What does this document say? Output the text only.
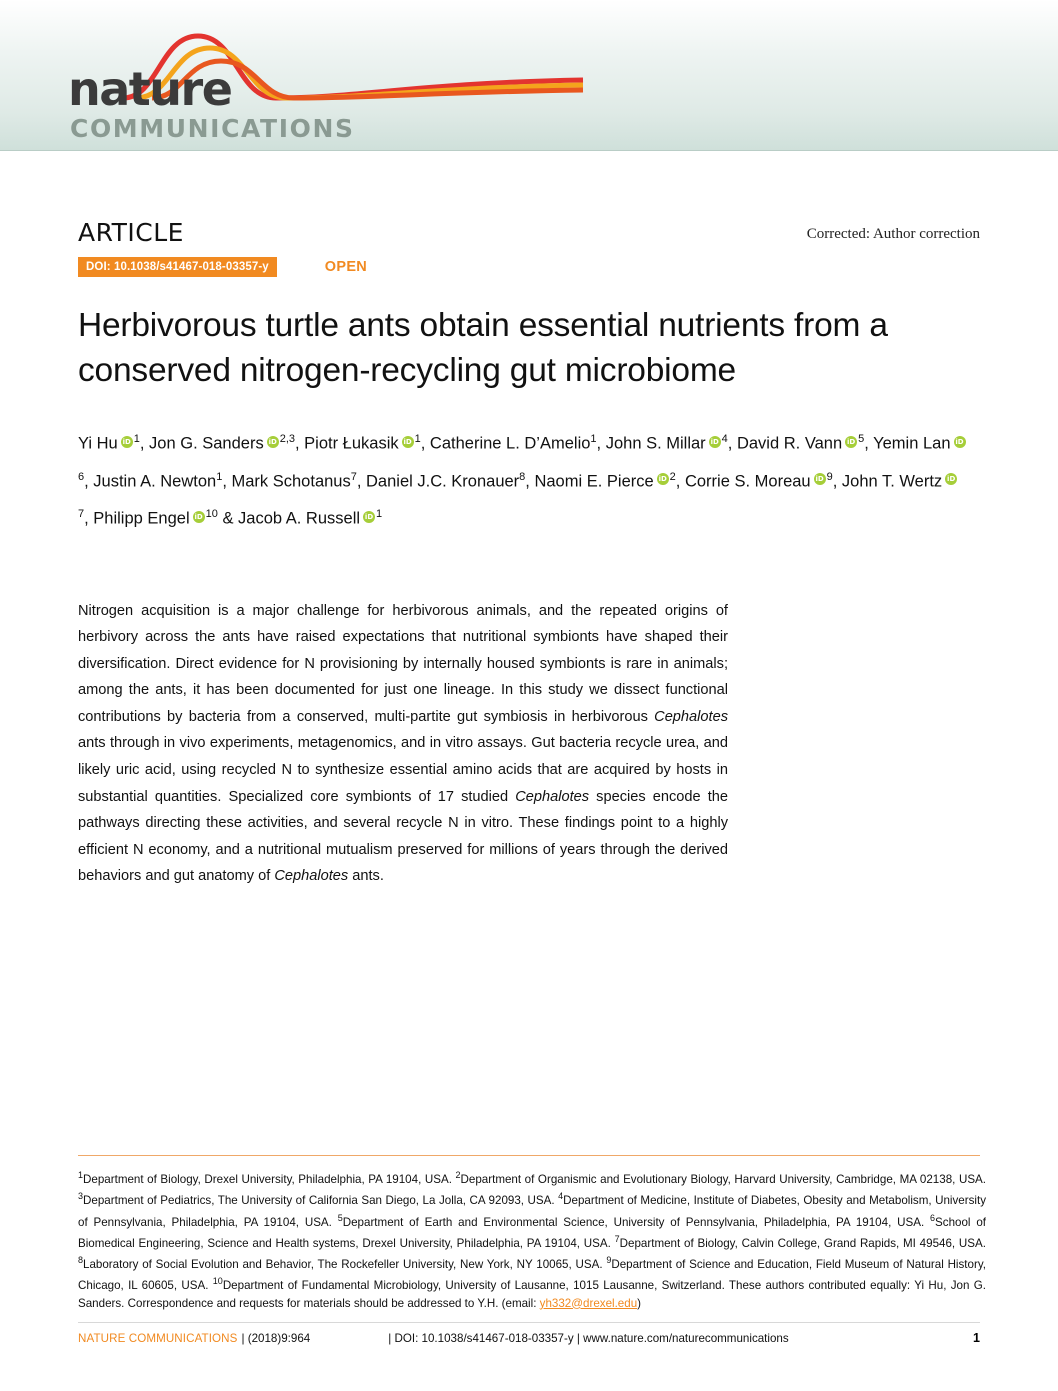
nature
COMMUNICATIONS
ARTICLE	Corrected: Author correction
DOI: 10.1038/s41467-018-03357-y	OPEN
Herbivorous turtle ants obtain essential nutrients from a conserved nitrogen-recycling gut microbiome
Yi Hu iD $^1$, Jon G. Sanders iD $^{2,3}$, Piotr Łukasik iD $^1$, Catherine L. D’Amelio$^1$, John S. Millar iD $^4$, David R. Vann iD $^5$, Yemin LaniD$^6$, Justin A. Newton$^1$, Mark Schotanus$^7$, Daniel J.C. Kronauer$^8$, Naomi E. Pierce iD $^2$, Corrie S. Moreau iD $^9$, John T. WertziD$^7$, Philipp Engel iD $^{10}$ & Jacob A. Russell iD $^1$
Nitrogen acquisition is a major challenge for herbivorous animals, and the repeated origins of herbivory across the ants have raised expectations that nutritional symbionts have shaped their diversification. Direct evidence for N provisioning by internally housed symbionts is rare in animals; among the ants, it has been documented for just one lineage. In this study we dissect functional contributions by bacteria from a conserved, multi-partite gut symbiosis in herbivorous Cephalotes ants through in vivo experiments, metagenomics, and in vitro assays. Gut bacteria recycle urea, and likely uric acid, using recycled N to synthesize essential amino acids that are acquired by hosts in substantial quantities. Specialized core symbionts of 17 studied Cephalotes species encode the pathways directing these activities, and several recycle N in vitro. These findings point to a highly efficient N economy, and a nutritional mutualism preserved for millions of years through the derived behaviors and gut anatomy of Cephalotes ants.
$^1$Department of Biology, Drexel University, Philadelphia, PA 19104, USA. $^2$Department of Organismic and Evolutionary Biology, Harvard University, Cambridge, MA 02138, USA. $^3$Department of Pediatrics, The University of California San Diego, La Jolla, CA 92093, USA. $^4$Department of Medicine, Institute of Diabetes, Obesity and Metabolism, University of Pennsylvania, Philadelphia, PA 19104, USA. $^5$Department of Earth and Environmental Science, University of Pennsylvania, Philadelphia, PA 19104, USA. $^6$School of Biomedical Engineering, Science and Health systems, Drexel University, Philadelphia, PA 19104, USA. $^7$Department of Biology, Calvin College, Grand Rapids, MI 49546, USA. $^8$Laboratory of Social Evolution and Behavior, The Rockefeller University, New York, NY 10065, USA. $^9$Department of Science and Education, Field Museum of Natural History, Chicago, IL 60605, USA. $^{10}$Department of Fundamental Microbiology, University of Lausanne, 1015 Lausanne, Switzerland. These authors contributed equally: Yi Hu, Jon G. Sanders. Correspondence and requests for materials should be addressed to Y.H. (email: yh332@drexel.edu)
NATURE COMMUNICATIONS | (2018)9:964	| DOI: 10.1038/s41467-018-03357-y | www.nature.com/naturecommunications	1
